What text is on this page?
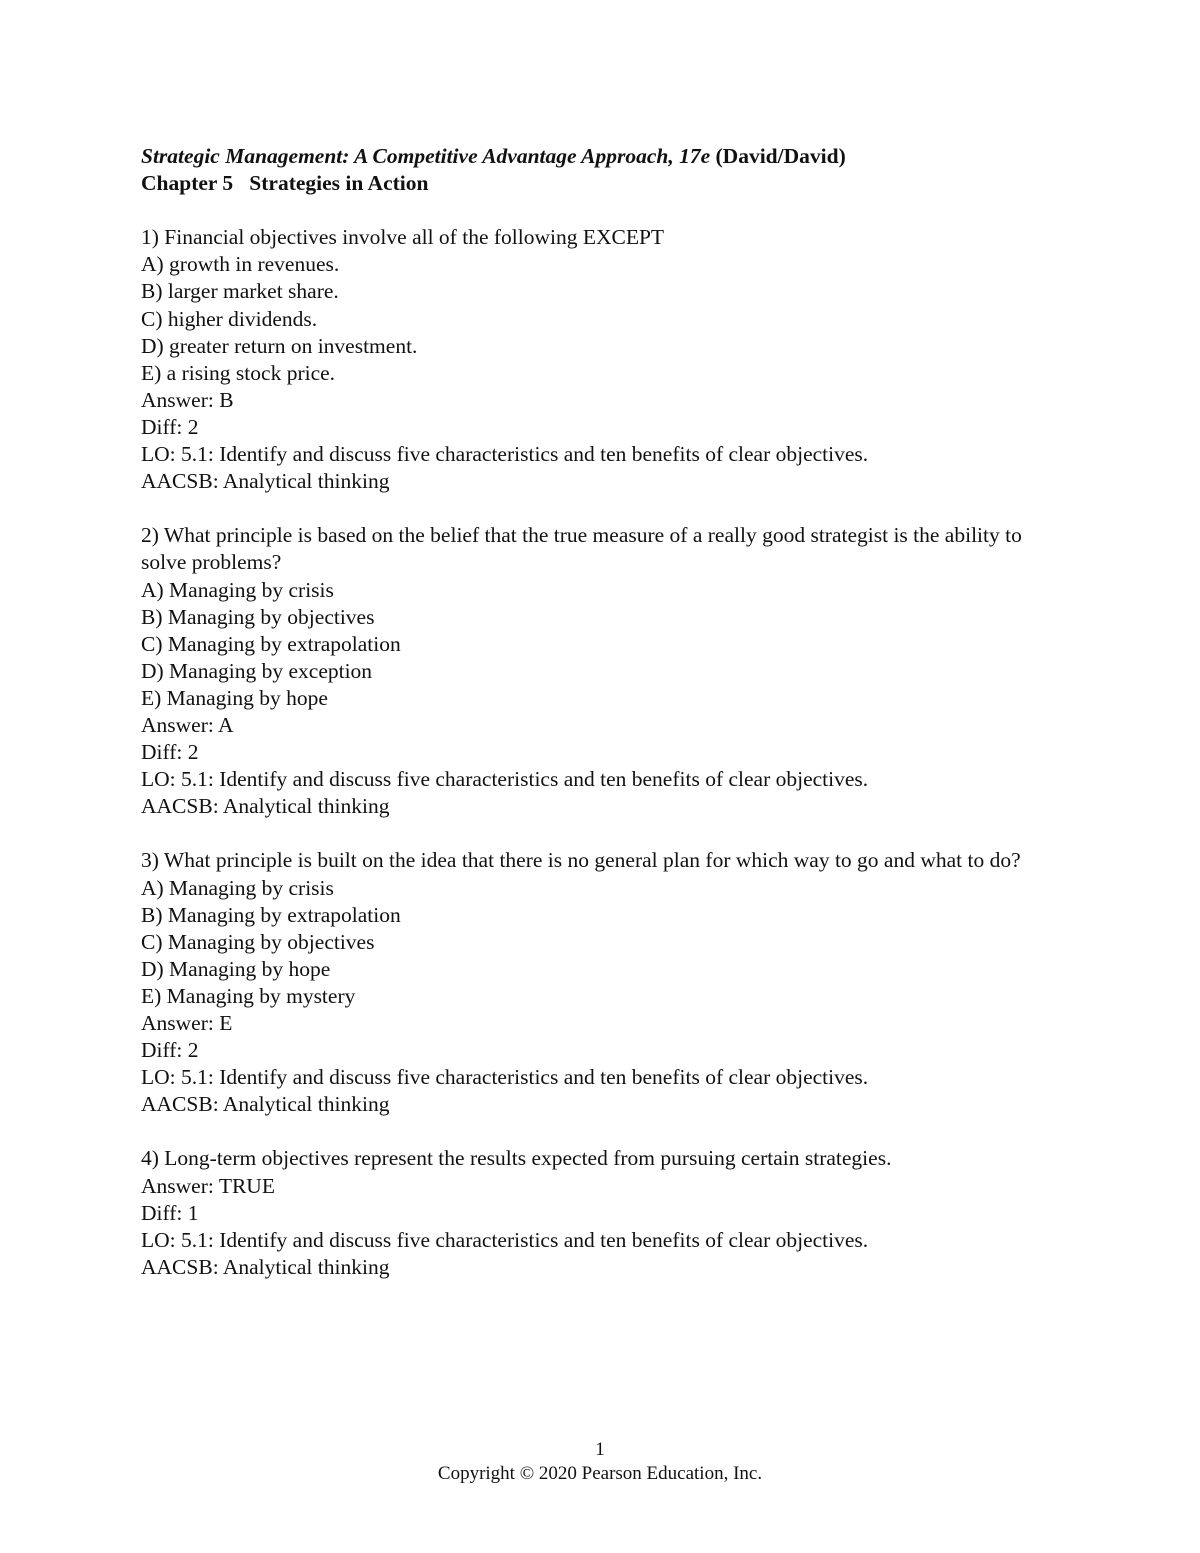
Strategic Management: A Competitive Advantage Approach, 17e (David/David)
Chapter 5   Strategies in Action
1) Financial objectives involve all of the following EXCEPT
A) growth in revenues.
B) larger market share.
C) higher dividends.
D) greater return on investment.
E) a rising stock price.
Answer: B
Diff: 2
LO: 5.1: Identify and discuss five characteristics and ten benefits of clear objectives.
AACSB: Analytical thinking
2) What principle is based on the belief that the true measure of a really good strategist is the ability to solve problems?
A) Managing by crisis
B) Managing by objectives
C) Managing by extrapolation
D) Managing by exception
E) Managing by hope
Answer: A
Diff: 2
LO: 5.1: Identify and discuss five characteristics and ten benefits of clear objectives.
AACSB: Analytical thinking
3) What principle is built on the idea that there is no general plan for which way to go and what to do?
A) Managing by crisis
B) Managing by extrapolation
C) Managing by objectives
D) Managing by hope
E) Managing by mystery
Answer: E
Diff: 2
LO: 5.1: Identify and discuss five characteristics and ten benefits of clear objectives.
AACSB: Analytical thinking
4) Long-term objectives represent the results expected from pursuing certain strategies.
Answer: TRUE
Diff: 1
LO: 5.1: Identify and discuss five characteristics and ten benefits of clear objectives.
AACSB: Analytical thinking
1
Copyright © 2020 Pearson Education, Inc.
